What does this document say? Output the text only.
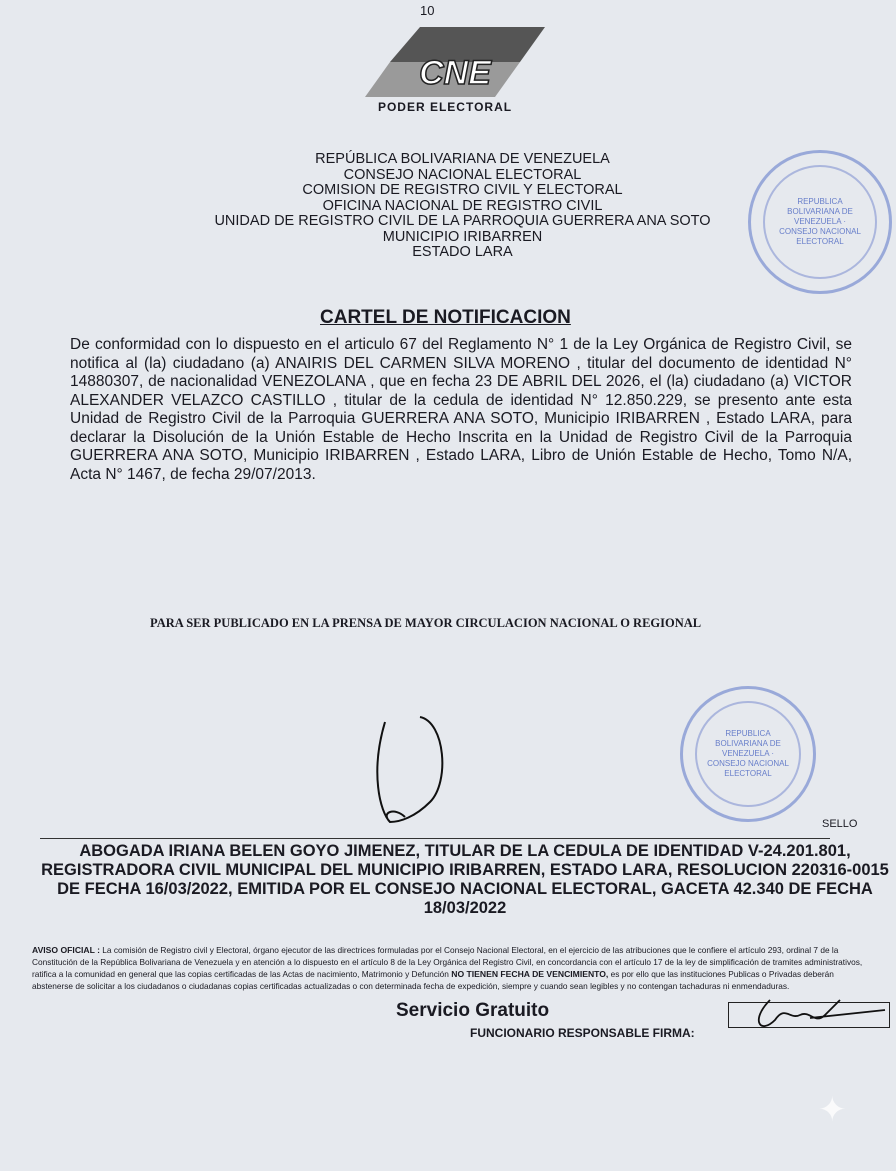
10
CNE
PODER ELECTORAL
REPÚBLICA BOLIVARIANA DE VENEZUELA
CONSEJO NACIONAL ELECTORAL
COMISION DE REGISTRO CIVIL Y ELECTORAL
OFICINA NACIONAL DE REGISTRO CIVIL
UNIDAD DE REGISTRO CIVIL DE LA PARROQUIA GUERRERA ANA SOTO
MUNICIPIO IRIBARREN
ESTADO LARA
REPUBLICA BOLIVARIANA DE VENEZUELA · CONSEJO NACIONAL ELECTORAL
CARTEL DE NOTIFICACION
De conformidad con lo dispuesto en el articulo 67 del Reglamento N° 1 de la Ley Orgánica de Registro Civil, se notifica al (la) ciudadano (a) ANAIRIS DEL CARMEN SILVA MORENO , titular del documento de identidad N° 14880307, de nacionalidad VENEZOLANA , que en fecha 23 DE ABRIL DEL 2026, el (la) ciudadano (a) VICTOR ALEXANDER VELAZCO CASTILLO , titular de la cedula de identidad N° 12.850.229, se presento ante esta Unidad de Registro Civil de la Parroquia GUERRERA ANA SOTO, Municipio IRIBARREN , Estado LARA, para declarar la Disolución de la Unión Estable de Hecho Inscrita en la Unidad de Registro Civil de la Parroquia GUERRERA ANA SOTO, Municipio IRIBARREN , Estado LARA, Libro de Unión Estable de Hecho, Tomo N/A, Acta N° 1467, de fecha 29/07/2013.
PARA SER PUBLICADO EN LA PRENSA DE MAYOR CIRCULACION NACIONAL O REGIONAL
REPUBLICA BOLIVARIANA DE VENEZUELA · CONSEJO NACIONAL ELECTORAL
SELLO
ABOGADA IRIANA BELEN GOYO JIMENEZ, TITULAR DE LA CEDULA DE IDENTIDAD V-24.201.801, REGISTRADORA CIVIL MUNICIPAL DEL MUNICIPIO IRIBARREN, ESTADO LARA, RESOLUCION 220316-0015 DE FECHA 16/03/2022, EMITIDA POR EL CONSEJO NACIONAL ELECTORAL, GACETA 42.340 DE FECHA 18/03/2022
AVISO OFICIAL : La comisión de Registro civil y Electoral, órgano ejecutor de las directrices formuladas por el Consejo Nacional Electoral, en el ejercicio de las atribuciones que le confiere el artículo 293, ordinal 7 de la Constitución de la República Bolivariana de Venezuela y en atención a lo dispuesto en el artículo 8 de la Ley Orgánica del Registro Civil, en concordancia con el artículo 17 de la ley de simplificación de tramites administrativos, ratifica a la comunidad en general que las copias certificadas de las Actas de nacimiento, Matrimonio y Defunción NO TIENEN FECHA DE VENCIMIENTO, es por ello que las instituciones Publicas o Privadas deberán abstenerse de solicitar a los ciudadanos o ciudadanas copias certificadas actualizadas o con determinada fecha de expedición, siempre y cuando sean legibles y no contengan tachaduras ni enmendaduras.
Servicio Gratuito
FUNCIONARIO RESPONSABLE FIRMA:
✦
